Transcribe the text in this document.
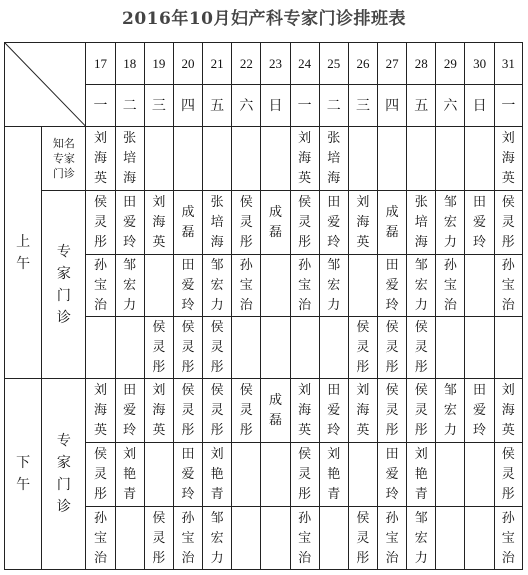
2016年10月妇产科专家门诊排班表
	17	18	19	20	21	22	23	24	25	26	27	28	29	30	31
		一	二	三	四	五	六	日	一	二	三	四	五	六	日	一
上午	知名专家门诊	刘海英	张培海						刘海英	张培海						刘海英
	专家门诊	侯灵彤	田爱玲	刘海英	成磊	张培海	侯灵彤	成磊	侯灵彤	田爱玲	刘海英	成磊	张培海	邹宏力	田爱玲	侯灵彤
		孙宝治	邹宏力		田爱玲	邹宏力	孙宝治		孙宝治	邹宏力		田爱玲	邹宏力	孙宝治		孙宝治
				侯灵彤	侯灵彤	侯灵彤					侯灵彤	侯灵彤	侯灵彤			
下午	专家门诊	刘海英	田爱玲	刘海英	侯灵彤	侯灵彤	侯灵彤	成磊	刘海英	田爱玲	刘海英	侯灵彤	侯灵彤	邹宏力	田爱玲	刘海英
		侯灵彤	刘艳青		田爱玲	刘艳青			侯灵彤	刘艳青		田爱玲	刘艳青			侯灵彤
		孙宝治		侯灵彤	孙宝治	邹宏力			孙宝治		侯灵彤	孙宝治	邹宏力			孙宝治
